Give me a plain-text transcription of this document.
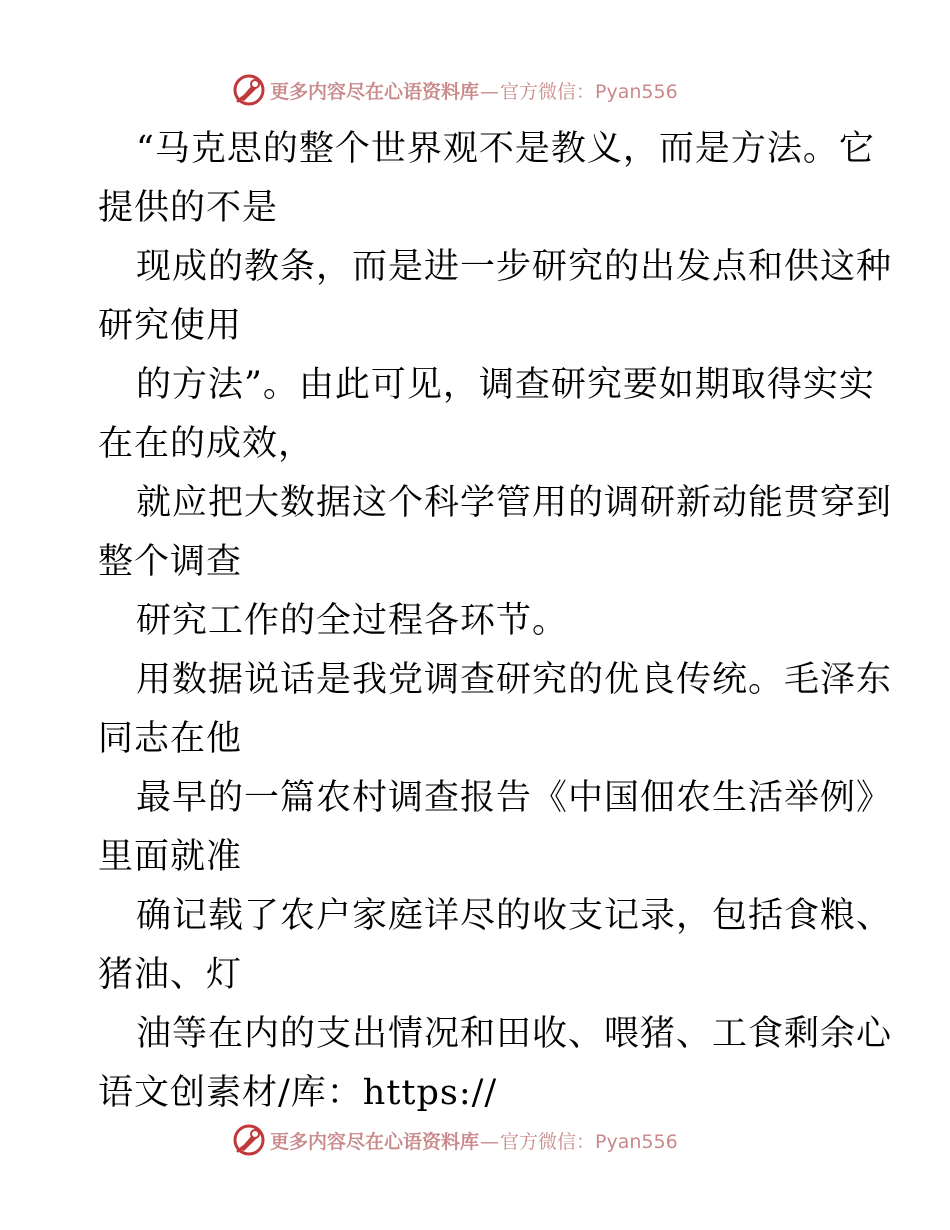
更多内容尽在心语资料库—官方微信：Pyan556
“马克思的整个世界观不是教义，而是方法。它
提供的不是
现成的教条，而是进一步研究的出发点和供这种
研究使用
的方法”。由此可见，调查研究要如期取得实实
在在的成效，
就应把大数据这个科学管用的调研新动能贯穿到
整个调查
研究工作的全过程各环节。
用数据说话是我党调查研究的优良传统。毛泽东
同志在他
最早的一篇农村调查报告《中国佃农生活举例》
里面就准
确记载了农户家庭详尽的收支记录，包括食粮、
猪油、灯
油等在内的支出情况和田收、喂猪、工食剩余心
语文创素材/库：https://
更多内容尽在心语资料库—官方微信：Pyan556
